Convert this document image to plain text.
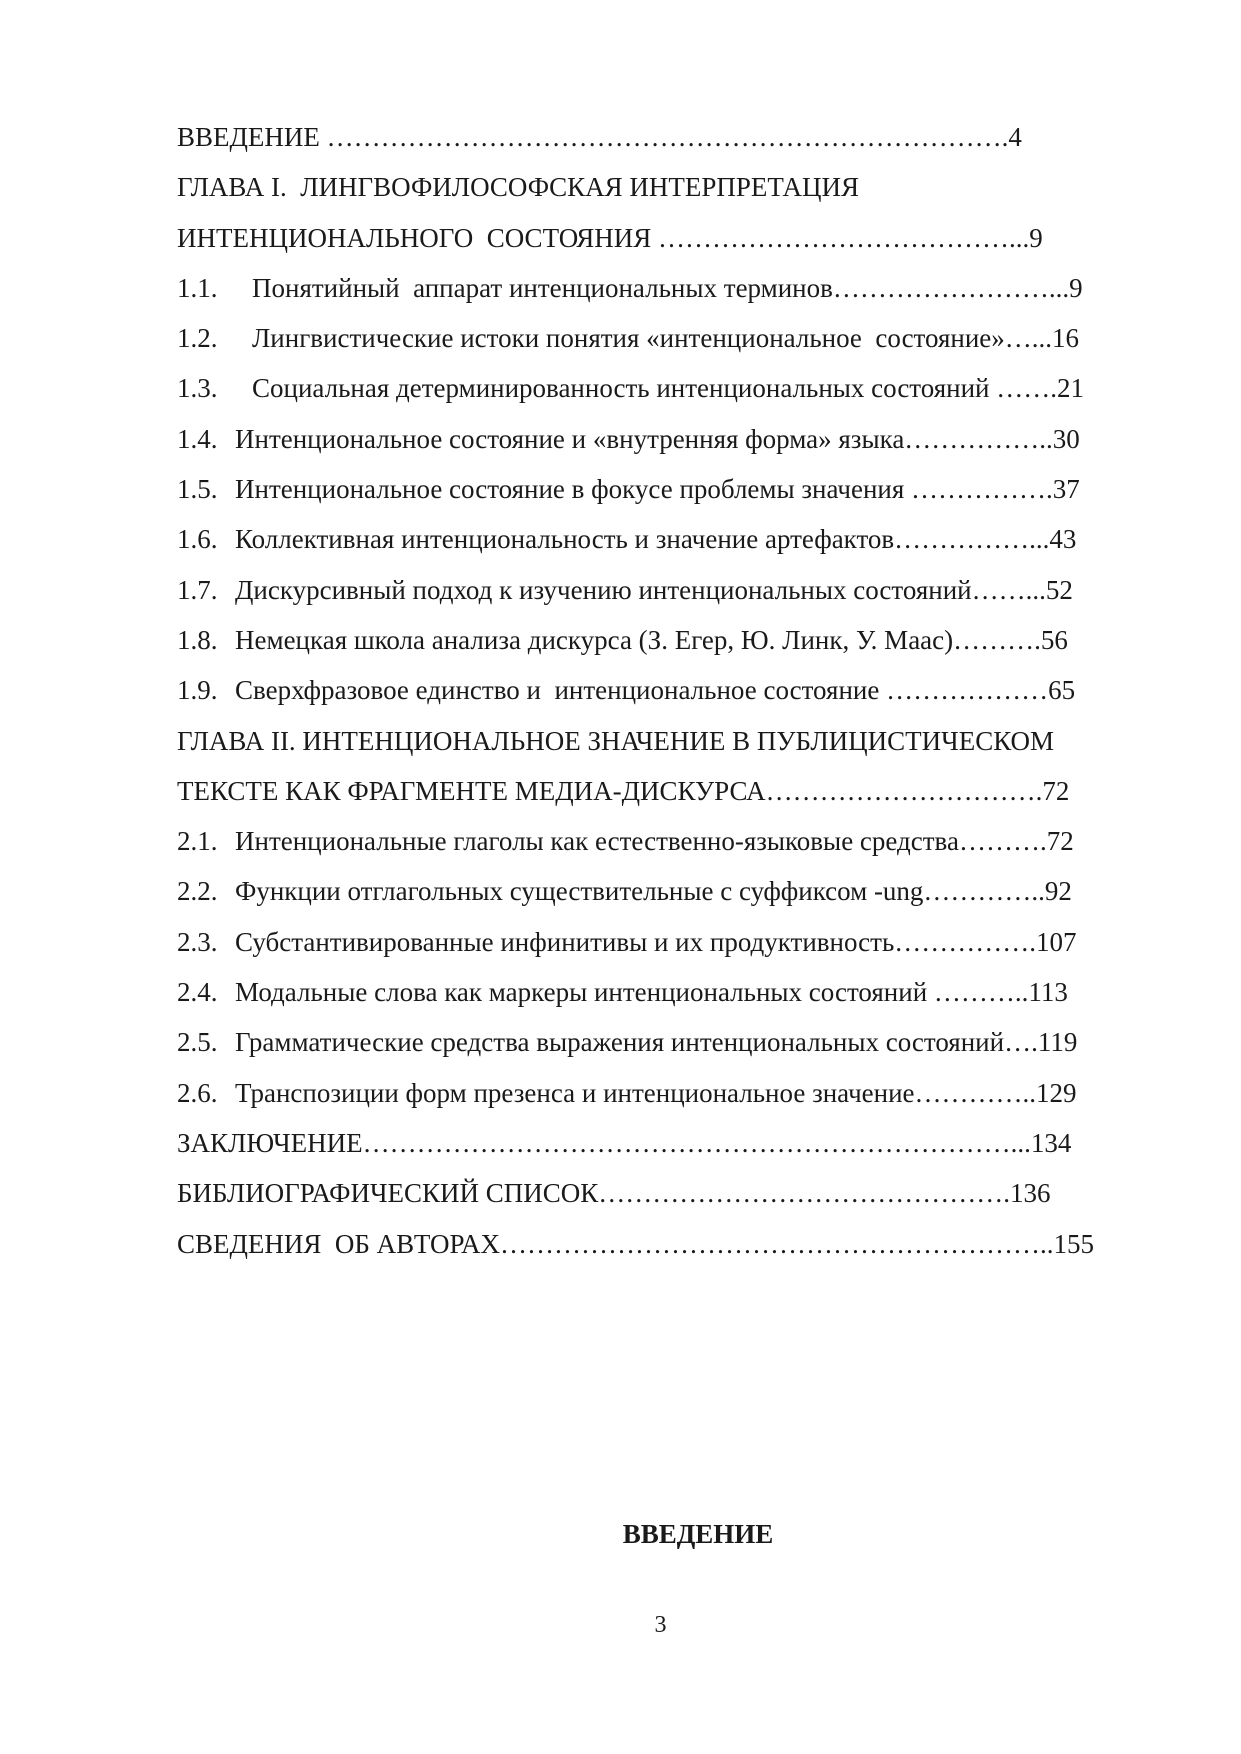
ВВЕДЕНИЕ ………………………………………………………………….4
ГЛАВА I.  ЛИНГВОФИЛОСОФСКАЯ ИНТЕРПРЕТАЦИЯ
ИНТЕНЦИОНАЛЬНОГО  СОСТОЯНИЯ …………………………………...9
1.1. Понятийный  аппарат интенциональных терминов……………………...9
1.2. Лингвистические истоки понятия «интенциональное  состояние»…...16
1.3. Социальная детерминированность интенциональных состояний …….21
1.4. Интенциональное состояние и «внутренняя форма» языка……………..30
1.5. Интенциональное состояние в фокусе проблемы значения …………….37
1.6. Коллективная интенциональность и значение артефактов……………...43
1.7. Дискурсивный подход к изучению интенциональных состояний……...52
1.8. Немецкая школа анализа дискурса (З. Егер, Ю. Линк, У. Маас)……….56
1.9. Сверхфразовое единство и  интенциональное состояние ………………65
ГЛАВА II. ИНТЕНЦИОНАЛЬНОЕ ЗНАЧЕНИЕ В ПУБЛИЦИСТИЧЕСКОМ
ТЕКСТЕ КАК ФРАГМЕНТЕ МЕДИА-ДИСКУРСА………………………….72
2.1. Интенциональные глаголы как естественно-языковые средства……….72
2.2. Функции отглагольных существительные с суффиксом -ung…………..92
2.3. Субстантивированные инфинитивы и их продуктивность…………….107
2.4. Модальные слова как маркеры интенциональных состояний ………..113
2.5. Грамматические средства выражения интенциональных состояний….119
2.6. Транспозиции форм презенса и интенциональное значение…………..129
ЗАКЛЮЧЕНИЕ………………………………………………………………...134
БИБЛИОГРАФИЧЕСКИЙ СПИСОК……………………………………….136
СВЕДЕНИЯ  ОБ АВТОРАХ……………………………………………………..155
ВВЕДЕНИЕ
3
